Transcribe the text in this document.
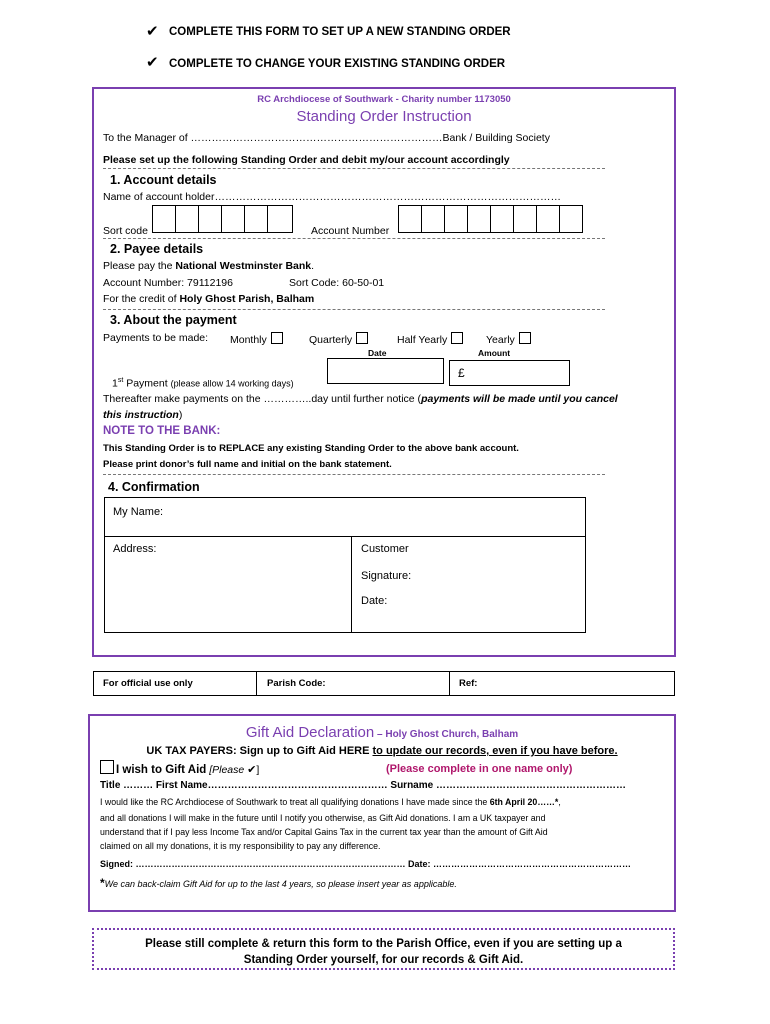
✔ COMPLETE THIS FORM TO SET UP A NEW STANDING ORDER
✔ COMPLETE TO CHANGE YOUR EXISTING STANDING ORDER
RC Archdiocese of Southwark - Charity number 1173050
Standing Order Instruction
To the Manager of ………………………………………………………………Bank / Building Society
Please set up the following Standing Order and debit my/our account accordingly
1. Account details
Name of account holder………………………………………………………………………………………
Sort code	Account Number
2. Payee details
Please pay the National Westminster Bank.
Account Number: 79112196	Sort Code: 60-50-01
For the credit of Holy Ghost Parish, Balham
3. About the payment
Payments to be made: Monthly	Quarterly	Half Yearly	Yearly
Date	Amount
£
1st Payment (please allow 14 working days)
Thereafter make payments on the …………..day until further notice (payments will be made until you cancel
this instruction)
NOTE TO THE BANK:
This Standing Order is to REPLACE any existing Standing Order to the above bank account.
Please print donor’s full name and initial on the bank statement.
4. Confirmation
My Name:
Address:	Customer
Signature:
Date:
For official use only	Parish Code:	Ref:
Gift Aid Declaration – Holy Ghost Church, Balham
UK TAX PAYERS: Sign up to Gift Aid HERE to update our records, even if you have before.
I wish to Gift Aid [Please ✔]	(Please complete in one name only)
Title ……… First Name……………………………………………… Surname …………………………………………………
I would like the RC Archdiocese of Southwark to treat all qualifying donations I have made since the 6th April 20……*,
and all donations I will make in the future until I notify you otherwise, as Gift Aid donations. I am a UK taxpayer and
understand that if I pay less Income Tax and/or Capital Gains Tax in the current tax year than the amount of Gift Aid
claimed on all my donations, it is my responsibility to pay any difference.
Signed: ……………………………………………………………………………… Date: …………………………………………………………
*We can back-claim Gift Aid for up to the last 4 years, so please insert year as applicable.
Please still complete & return this form to the Parish Office, even if you are setting up a
Standing Order yourself, for our records & Gift Aid.
